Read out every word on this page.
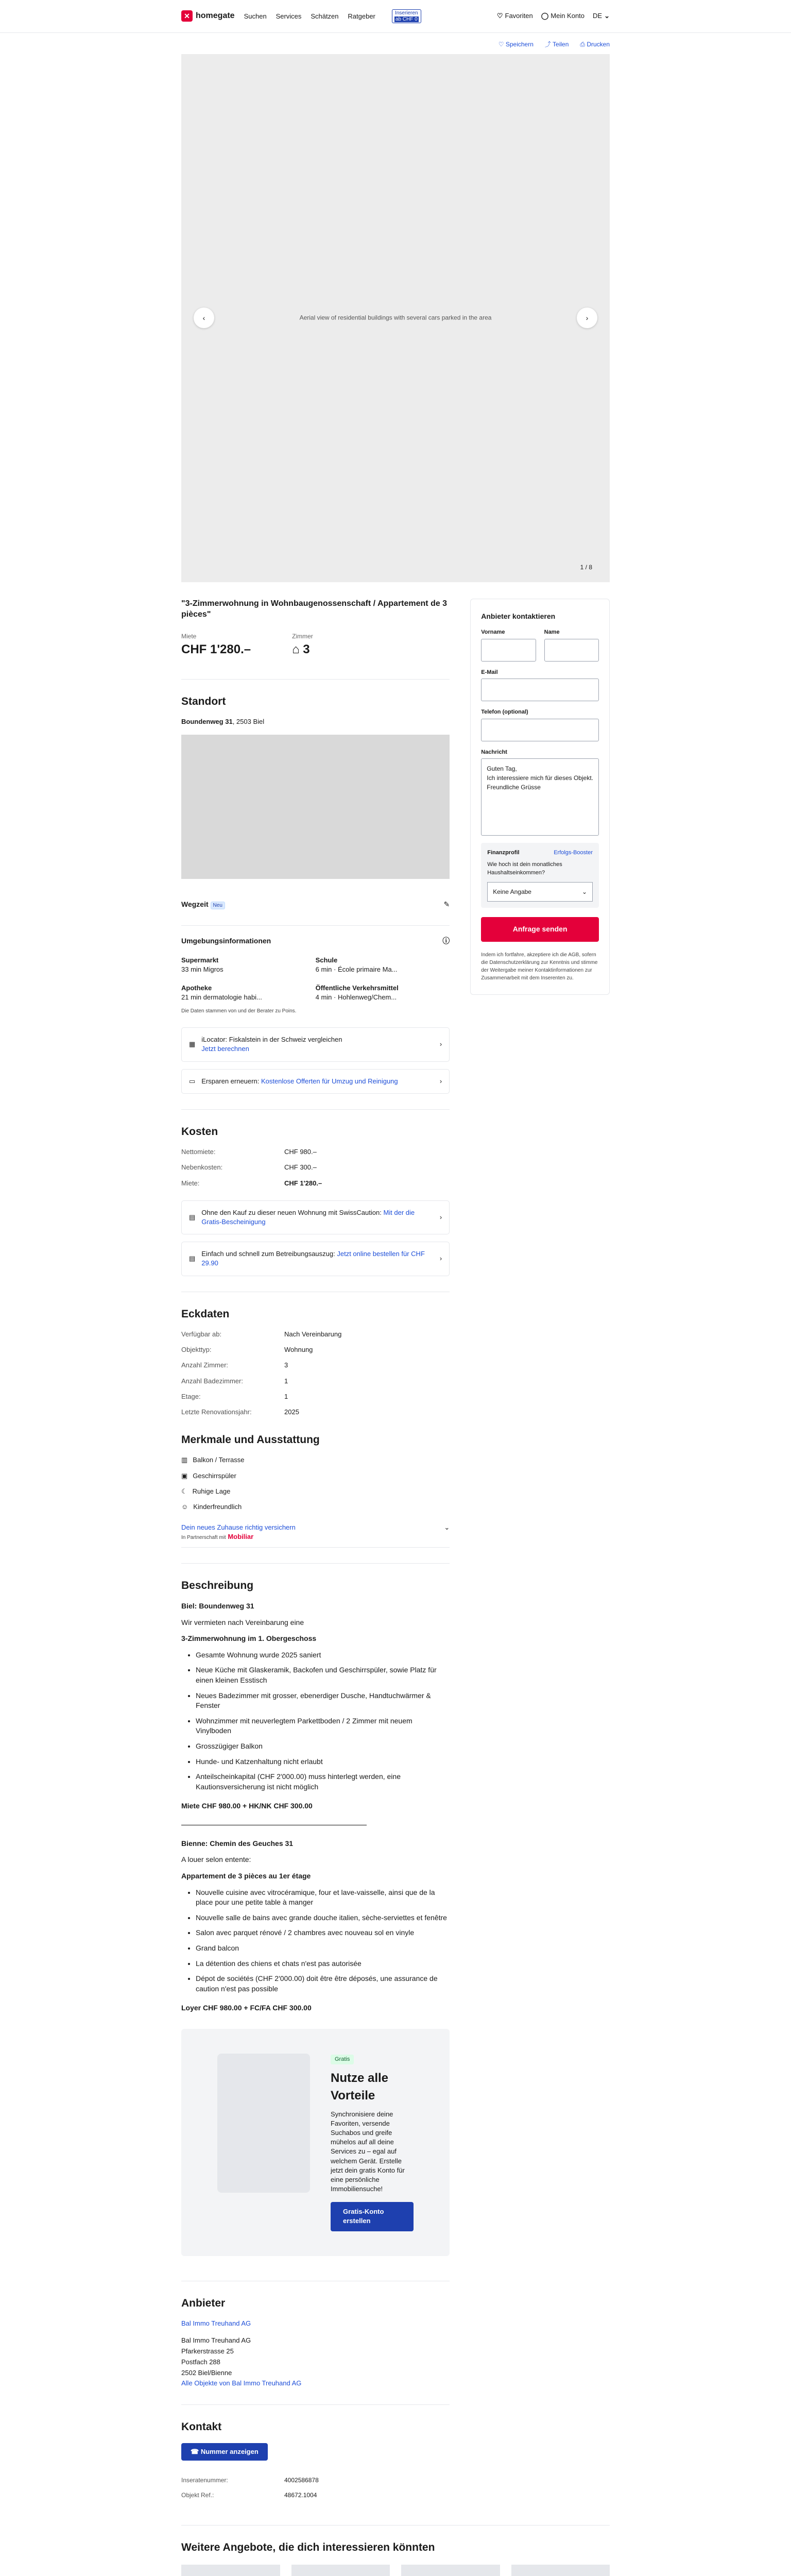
✕ homegate Suchen Services Schätzen Ratgeber	Inserieren
ab CHF 0	♡ Favoriten ◯ Mein Konto DE ⌄
♡ Speichern ⤴ Teilen ⎙ Drucken
Aerial view of residential buildings with several cars parked in the area
‹	›
1 / 8
"3-Zimmerwohnung in Wohnbaugenossenschaft / Appartement de 3 pièces"
Miete
CHF 1'280.–
Zimmer
⌂ 3
Standort
Boundenweg 31, 2503 Biel
Wegzeit Neu	✎
Umgebungsinformationen	ⓘ
Supermarkt
33 min Migros
Schule
6 min · École primaire Ma...
Apotheke
21 min dermatologie habi...
Öffentliche Verkehrsmittel
4 min · Hohlenweg/Chem...
Die Daten stammen von und der Berater zu Poins.
▦
iLocator: Fiskalstein in der Schweiz vergleichen
Jetzt berechnen
›
▭ Ersparen erneuern: Kostenlose Offerten für Umzug und Reinigung	›
Kosten
Nettomiete:	CHF 980.–
Nebenkosten:	CHF 300.–
Miete:	CHF 1'280.–
▤
Ohne den Kauf zu dieser neuen Wohnung mit SwissCaution: Mit der die Gratis-Bescheinigung
›
▤
Einfach und schnell zum Betreibungsauszug: Jetzt online bestellen für CHF 29.90
›
Eckdaten
Verfügbar ab:	Nach Vereinbarung
Objekttyp:	Wohnung
Anzahl Zimmer:	3
Anzahl Badezimmer:	1
Etage:	1
Letzte Renovationsjahr:	2025
Merkmale und Ausstattung
▥ Balkon / Terrasse
▣ Geschirrspüler
☾ Ruhige Lage
☺ Kinderfreundlich
Dein neues Zuhause richtig versichern
In Partnerschaft mit Mobiliar
⌄
Beschreibung

Biel: Boundenweg 31

Wir vermieten nach Vereinbarung eine

3-Zimmerwohnung im 1. Obergeschoss

• Gesamte Wohnung wurde 2025 saniert
• Neue Küche mit Glaskeramik, Backofen und Geschirrspüler, sowie Platz für einen kleinen Esstisch
• Neues Badezimmer mit grosser, ebenerdiger Dusche, Handtuchwärmer & Fenster
• Wohnzimmer mit neuverlegtem Parkettboden / 2 Zimmer mit neuem Vinylboden
• Grosszügiger Balkon
• Hunde- und Katzenhaltung nicht erlaubt
• Anteilscheinkapital (CHF 2'000.00) muss hinterlegt werden, eine Kautionsversicherung ist nicht möglich

Miete CHF 980.00 + HK/NK CHF 300.00

Bienne: Chemin des Geuches 31

A louer selon entente:

Appartement de 3 pièces au 1er étage

• Nouvelle cuisine avec vitrocéramique, four et lave-vaisselle, ainsi que de la place pour une petite table à manger
• Nouvelle salle de bains avec grande douche italien, sèche-serviettes et fenêtre
• Salon avec parquet rénové / 2 chambres avec nouveau sol en vinyle
• Grand balcon
• La détention des chiens et chats n'est pas autorisée
• Dépot de sociétés (CHF 2'000.00) doit être être déposés, une assurance de caution n'est pas possible

Loyer CHF 980.00 + FC/FA CHF 300.00

Gratis
Nutze alle Vorteile

Synchronisiere deine Favoriten, versende Suchabos und greife mühelos auf all deine Services zu – egal auf welchem Gerät. Erstelle jetzt dein gratis Konto für eine persönliche Immobiliensuche!

Gratis-Konto erstellen
Anbieter
Bal Immo Treuhand AG
Bal Immo Treuhand AG
Pfarkerstrasse 25
Postfach 288
2502 Biel/Bienne
Alle Objekte von Bal Immo Treuhand AG
Kontakt
☎ Nummer anzeigen
Inseratenummer:	4002586878
Objekt Ref.:	48672.1004
Anbieter kontaktieren
Vorname	Name
E-Mail
Telefon (optional)
Nachricht
Guten Tag,
Ich interessiere mich für dieses Objekt.
Freundliche Grüsse
Finanzprofil	Erfolgs-Booster
Wie hoch ist dein monatliches Haushaltseinkommen?
Keine Angabe	⌄
Anfrage senden
Indem ich fortfahre, akzeptiere ich die AGB, sofern die Datenschutzerklärung zur Kenntnis und stimme der Weitergabe meiner Kontaktinformationen zur Zusammenarbeit mit dem Inserenten zu.
Weitere Angebote, die dich interessieren könnten
